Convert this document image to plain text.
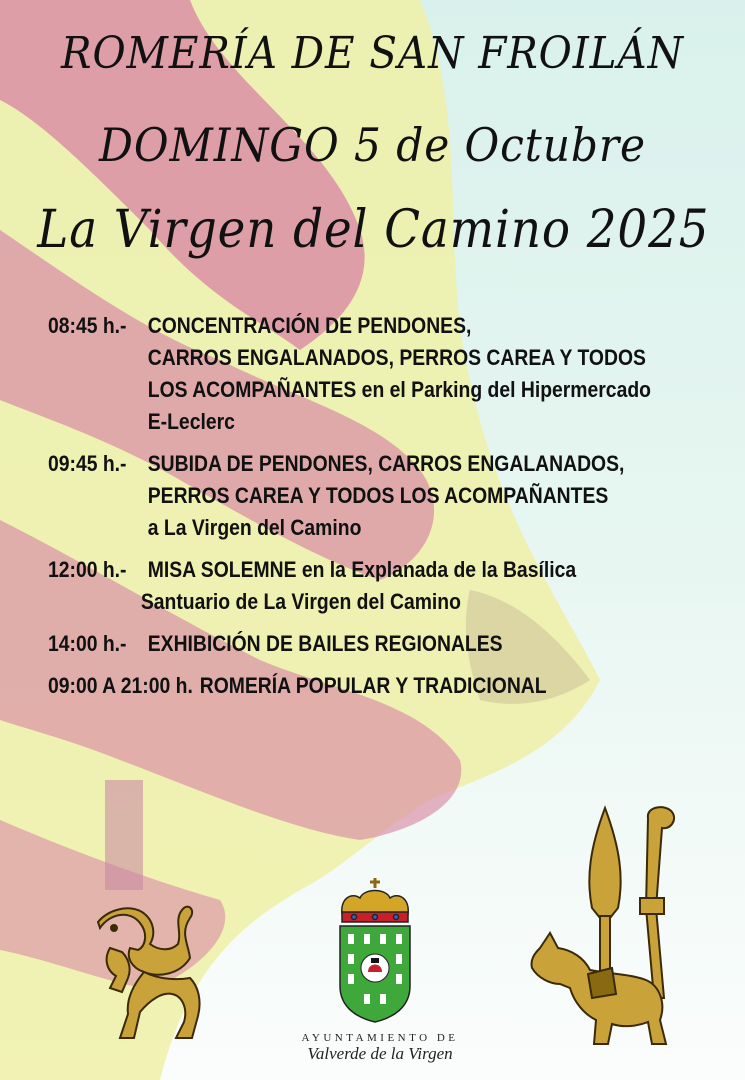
ROMERÍA DE SAN FROILÁN
DOMINGO 5 de Octubre
La Virgen del Camino 2025
08:45 h.- CONCENTRACIÓN DE PENDONES,
CARROS ENGALANADOS, PERROS CAREA Y TODOS
LOS ACOMPAÑANTES en el Parking del Hipermercado
E-Leclerc
09:45 h.- SUBIDA DE PENDONES, CARROS ENGALANADOS,
PERROS CAREA Y TODOS LOS ACOMPAÑANTES
a La Virgen del Camino
12:00 h.- MISA SOLEMNE en la Explanada de la Basílica
Santuario de La Virgen del Camino
14:00 h.- EXHIBICIÓN DE BAILES REGIONALES
09:00 A 21:00 h. ROMERÍA POPULAR Y TRADICIONAL
AYUNTAMIENTO DE
Valverde de la Virgen
